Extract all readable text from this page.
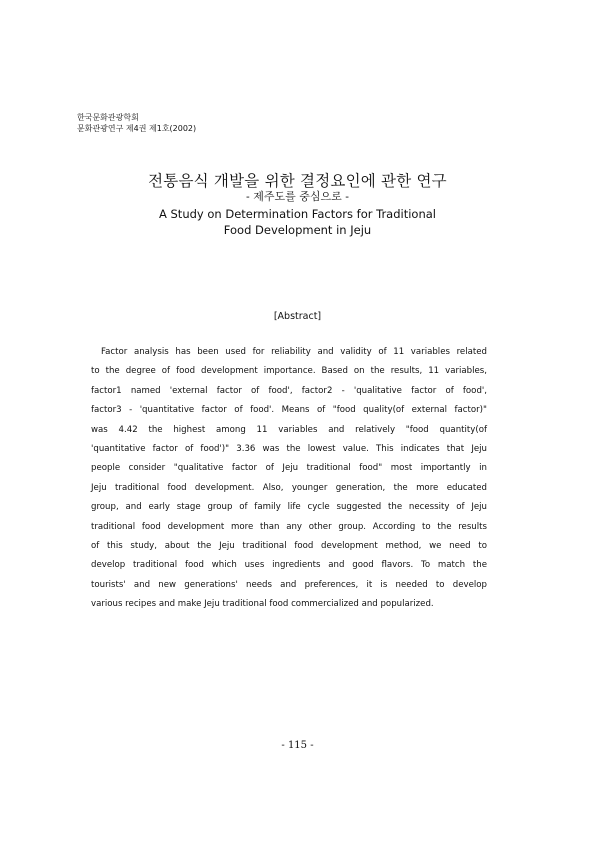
한국문화관광학회
문화관광연구 제4권 제1호(2002)
전통음식 개발을 위한 결정요인에 관한 연구
- 제주도를 중심으로 -
A Study on Determination Factors for Traditional
Food Development in Jeju
[Abstract]
Factor analysis has been used for reliability and validity of 11 variables related
to the degree of food development importance. Based on the results, 11 variables,
factor1 named 'external factor of food', factor2 - 'qualitative factor of food',
factor3 - 'quantitative factor of food'. Means of "food quality(of external factor)"
was 4.42 the highest among 11 variables and relatively "food quantity(of
'quantitative factor of food')" 3.36 was the lowest value. This indicates that Jeju
people consider "qualitative factor of Jeju traditional food" most importantly in
Jeju traditional food development. Also, younger generation, the more educated
group, and early stage group of family life cycle suggested the necessity of Jeju
traditional food development more than any other group. According to the results
of this study, about the Jeju traditional food development method, we need to
develop traditional food which uses ingredients and good flavors. To match the
tourists' and new generations' needs and preferences, it is needed to develop
various recipes and make Jeju traditional food commercialized and popularized.
- 115 -
